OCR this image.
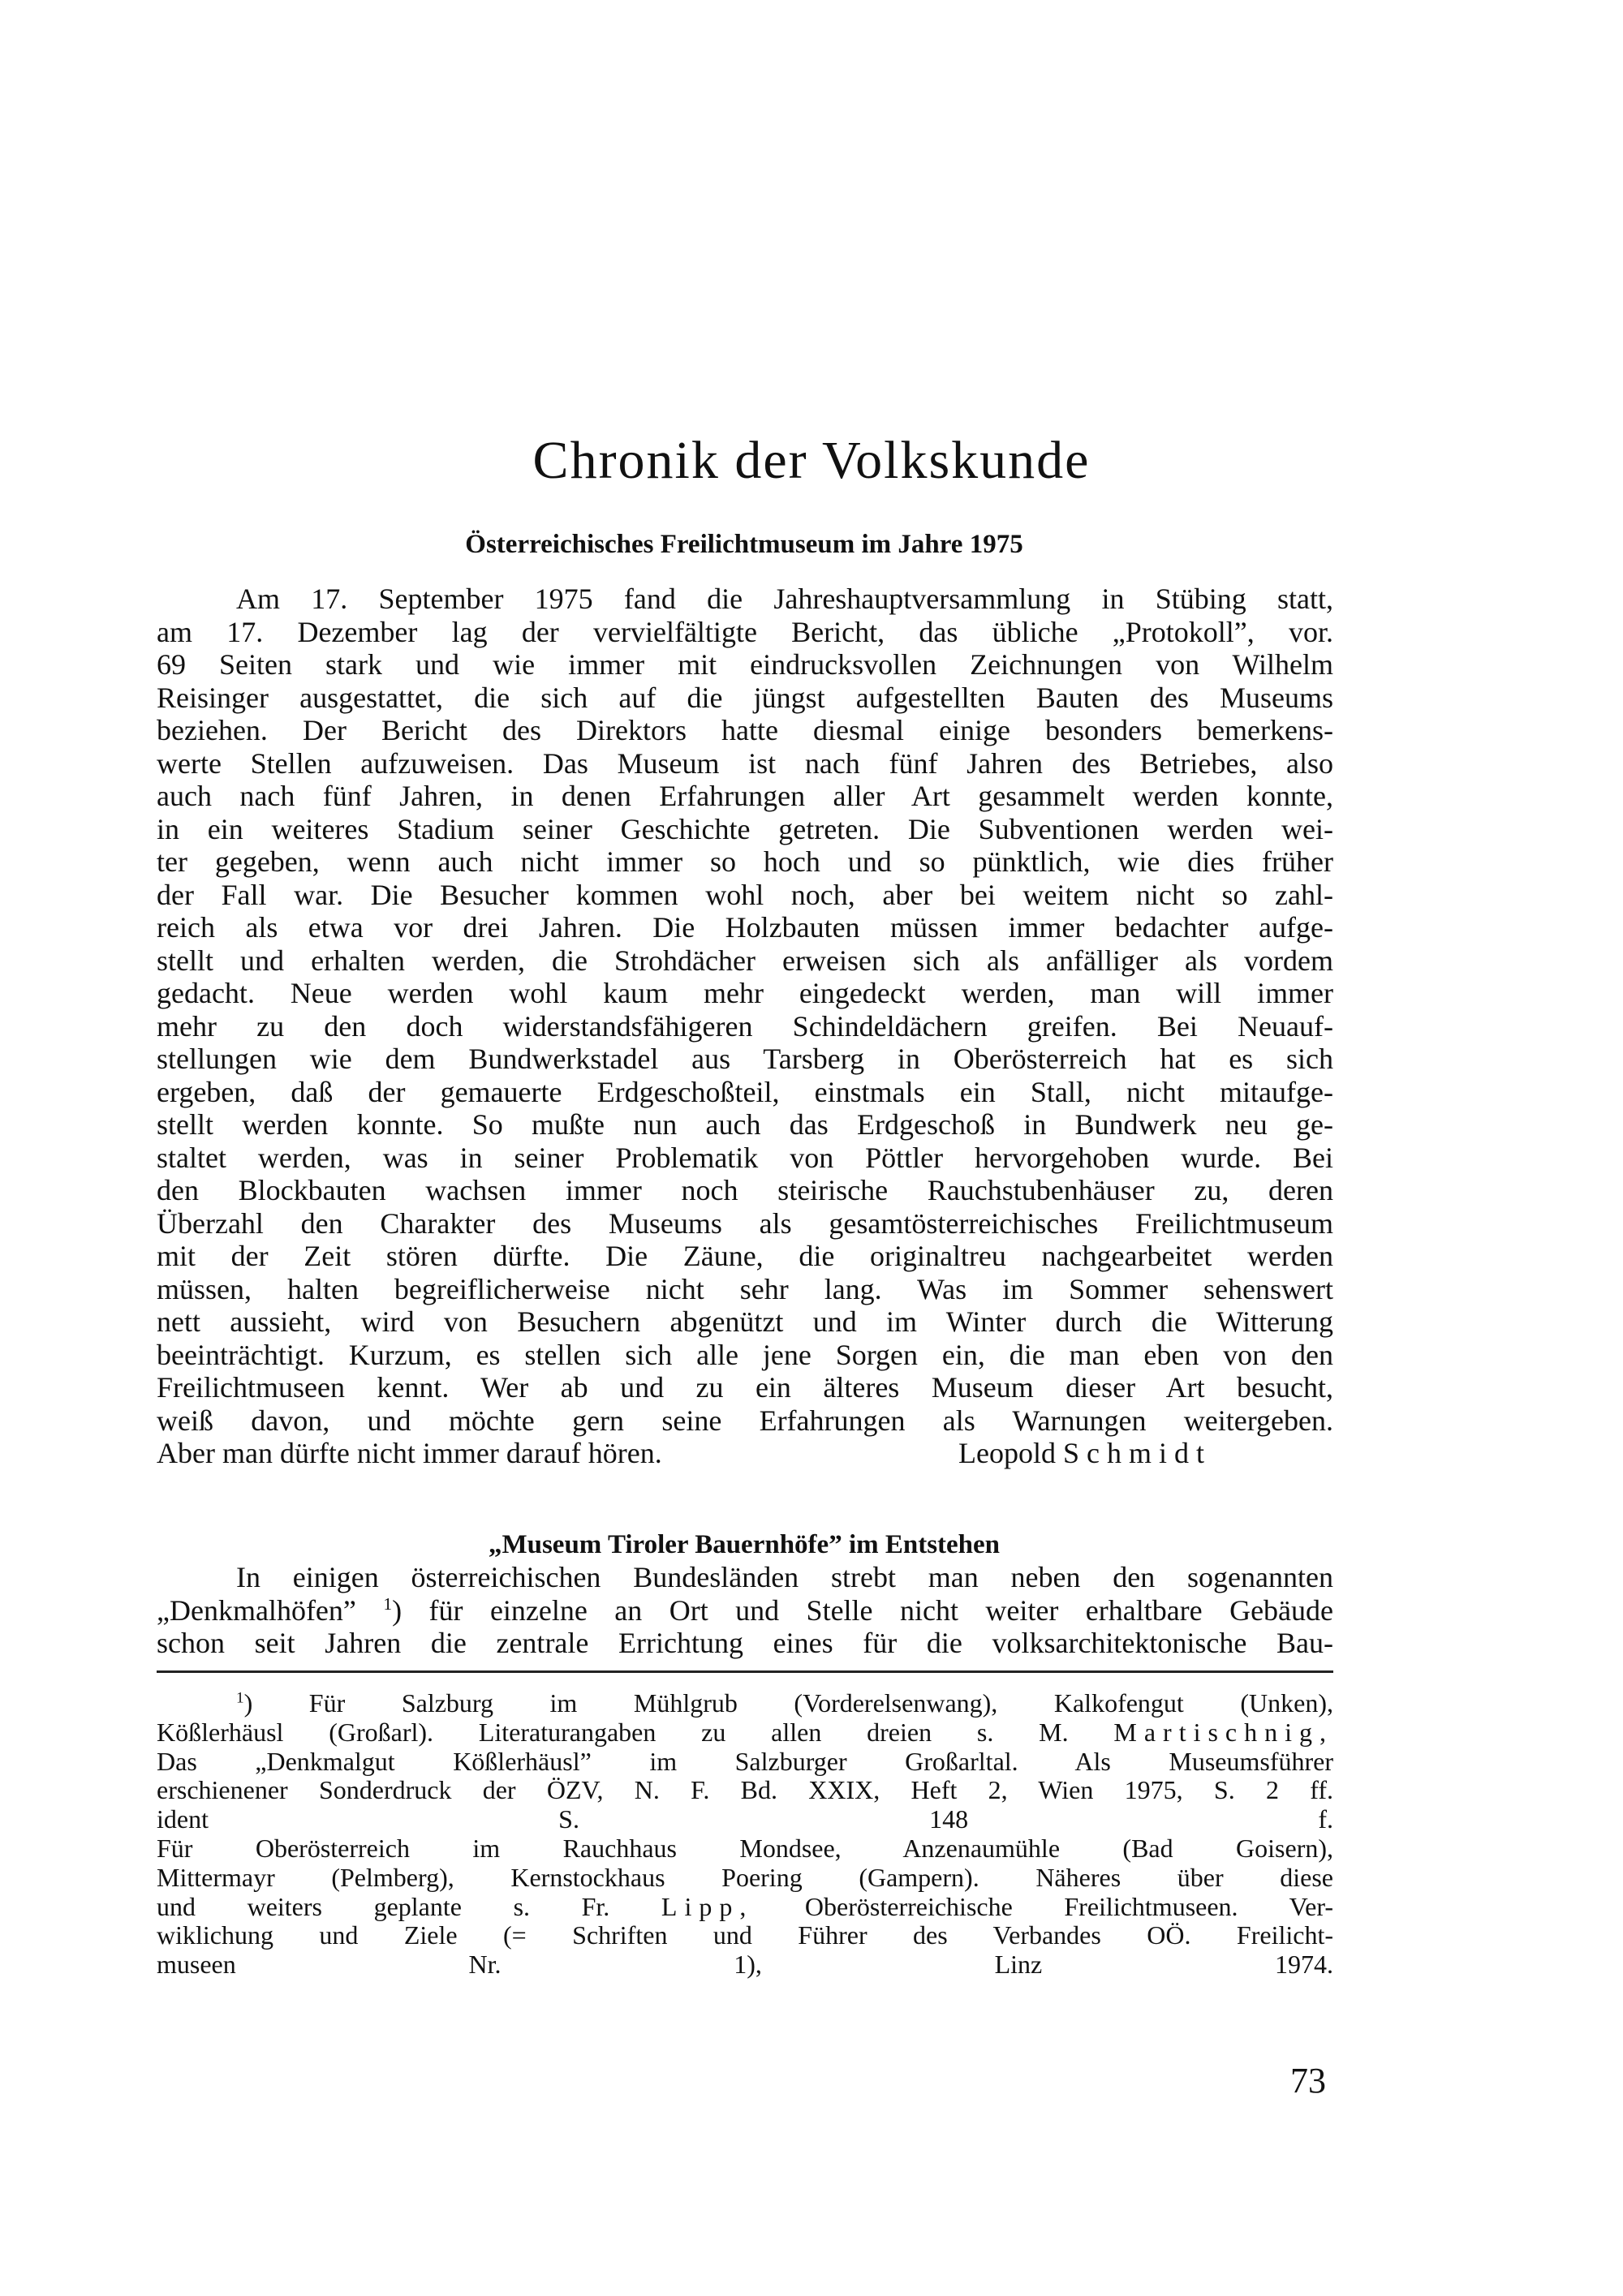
Chronik der Volkskunde
Österreichisches Freilichtmuseum im Jahre 1975
Am 17. September 1975 fand die Jahreshauptversammlung in Stübing statt,
am 17. Dezember lag der vervielfältigte Bericht, das übliche „Protokoll”, vor.
69 Seiten stark und wie immer mit eindrucksvollen Zeichnungen von Wilhelm
Reisinger ausgestattet, die sich auf die jüngst aufgestellten Bauten des Museums
beziehen. Der Bericht des Direktors hatte diesmal einige besonders bemerkens-
werte Stellen aufzuweisen. Das Museum ist nach fünf Jahren des Betriebes, also
auch nach fünf Jahren, in denen Erfahrungen aller Art gesammelt werden konnte,
in ein weiteres Stadium seiner Geschichte getreten. Die Subventionen werden wei-
ter gegeben, wenn auch nicht immer so hoch und so pünktlich, wie dies früher
der Fall war. Die Besucher kommen wohl noch, aber bei weitem nicht so zahl-
reich als etwa vor drei Jahren. Die Holzbauten müssen immer bedachter aufge-
stellt und erhalten werden, die Strohdächer erweisen sich als anfälliger als vordem
gedacht. Neue werden wohl kaum mehr eingedeckt werden, man will immer
mehr zu den doch widerstandsfähigeren Schindeldächern greifen. Bei Neuauf-
stellungen wie dem Bundwerkstadel aus Tarsberg in Oberösterreich hat es sich
ergeben, daß der gemauerte Erdgeschoßteil, einstmals ein Stall, nicht mitaufge-
stellt werden konnte. So mußte nun auch das Erdgeschoß in Bundwerk neu ge-
staltet werden, was in seiner Problematik von Pöttler hervorgehoben wurde. Bei
den Blockbauten wachsen immer noch steirische Rauchstubenhäuser zu, deren
Überzahl den Charakter des Museums als gesamtösterreichisches Freilichtmuseum
mit der Zeit stören dürfte. Die Zäune, die originaltreu nachgearbeitet werden
müssen, halten begreiflicherweise nicht sehr lang. Was im Sommer sehenswert
nett aussieht, wird von Besuchern abgenützt und im Winter durch die Witterung
beeinträchtigt. Kurzum, es stellen sich alle jene Sorgen ein, die man eben von den
Freilichtmuseen kennt. Wer ab und zu ein älteres Museum dieser Art besucht,
weiß davon, und möchte gern seine Erfahrungen als Warnungen weitergeben.
Aber man dürfte nicht immer darauf hören.	Leopold Schmidt
„Museum Tiroler Bauernhöfe” im Entstehen
In einigen österreichischen Bundesländen strebt man neben den sogenannten
„Denkmalhöfen” $^1$) für einzelne an Ort und Stelle nicht weiter erhaltbare Gebäude
schon seit Jahren die zentrale Errichtung eines für die volksarchitektonische Bau-
$^1$) Für Salzburg im Mühlgrub (Vorderelsenwang), Kalkofengut (Unken),
Kößlerhäusl (Großarl). Literaturangaben zu allen dreien s. M. Martischnig,
Das „Denkmalgut Kößlerhäusl” im Salzburger Großarltal. Als Museumsführer
erschienener Sonderdruck der ÖZV, N. F. Bd. XXIX, Heft 2, Wien 1975, S. 2 ff.
ident S. 148 f.
Für Oberösterreich im Rauchhaus Mondsee, Anzenaumühle (Bad Goisern),
Mittermayr (Pelmberg), Kernstockhaus Poering (Gampern). Näheres über diese
und weiters geplante s. Fr. Lipp, Oberösterreichische Freilichtmuseen. Ver-
wiklichung und Ziele (= Schriften und Führer des Verbandes OÖ. Freilicht-
museen Nr. 1), Linz 1974.
73
